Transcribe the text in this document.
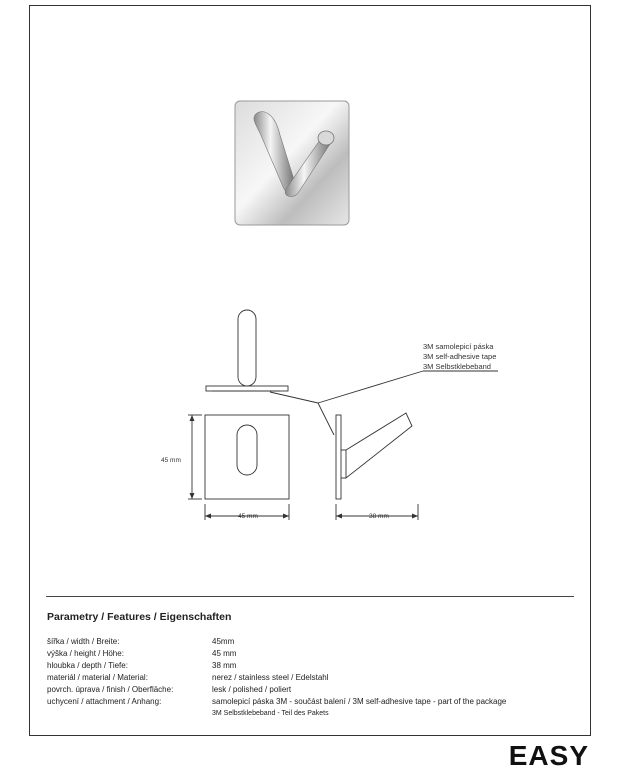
3M samolepicí páska
3M self-adhesive tape
3M Selbstklebeband
45 mm
45 mm	38 mm
Parametry / Features / Eigenschaften
šířka / width / Breite:	45mm
výška / height / Höhe:	45 mm
hloubka / depth / Tiefe:	38 mm
materiál / material / Material:	nerez / stainless steel / Edelstahl
povrch. úprava / finish / Oberfläche:	lesk / polished / poliert
uchycení / attachment / Anhang:	samolepicí páska 3M - součást balení / 3M self-adhesive tape - part of the package
3M Selbstklebeband - Teil des Pakets
EASY
